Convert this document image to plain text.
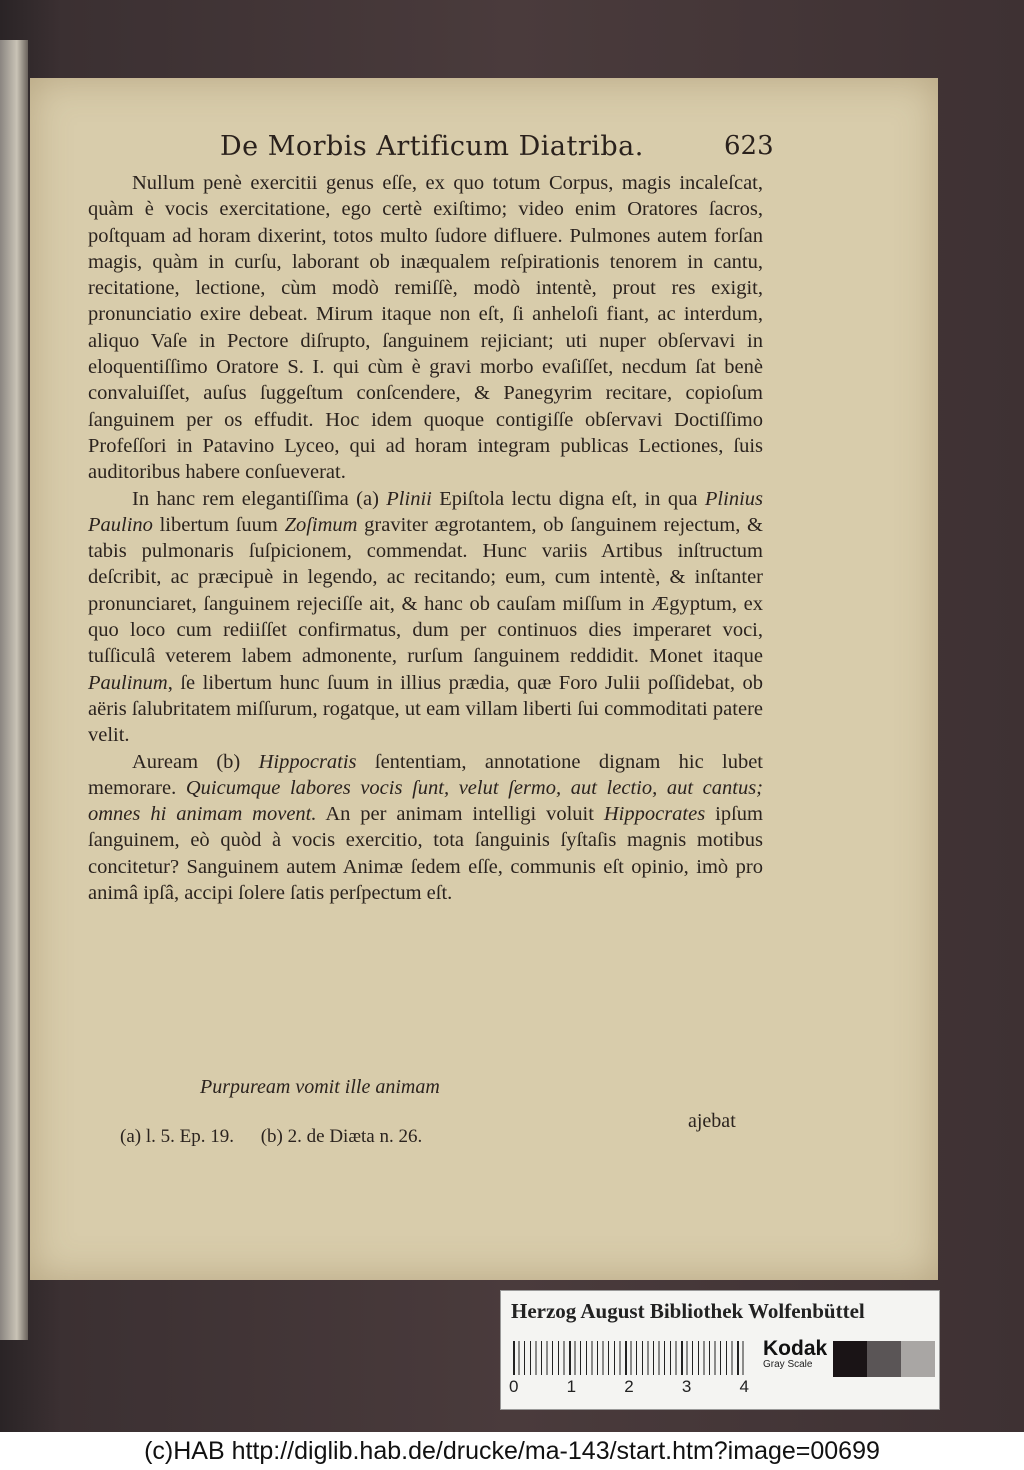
De Morbis Artificum Diatriba.	623

Nullum penè exercitii genus eſſe, ex quo totum Corpus, magis incaleſcat, quàm è vocis exercitatione, ego certè exiſtimo; video enim Oratores ſacros, poſtquam ad horam dixerint, totos multo ſudore difluere. Pulmones autem forſan magis, quàm in curſu, laborant ob inæqualem reſpirationis tenorem in cantu, recitatione, lectione, cùm modò remiſſè, modò intentè, prout res exigit, pronunciatio exire debeat. Mirum itaque non eſt, ſi anheloſi fiant, ac interdum, aliquo Vaſe in Pectore diſrupto, ſanguinem rejiciant; uti nuper obſervavi in eloquentiſſimo Oratore S. I. qui cùm è gravi morbo evaſiſſet, necdum ſat benè convaluiſſet, auſus ſuggeſtum conſcendere, & Panegyrim recitare, copioſum ſanguinem per os effudit. Hoc idem quoque contigiſſe obſervavi Doctiſſimo Profeſſori in Patavino Lyceo, qui ad horam integram publicas Lectiones, ſuis auditoribus habere conſueverat.

In hanc rem elegantiſſima (a) Plinii Epiſtola lectu digna eſt, in qua Plinius Paulino libertum ſuum Zoſimum graviter ægrotantem, ob ſanguinem rejectum, & tabis pulmonaris ſuſpicionem, commendat. Hunc variis Artibus inſtructum deſcribit, ac præcipuè in legendo, ac recitando; eum, cum intentè, & inſtanter pronunciaret, ſanguinem rejeciſſe ait, & hanc ob cauſam miſſum in Ægyptum, ex quo loco cum rediiſſet confirmatus, dum per continuos dies imperaret voci, tuſſiculâ veterem labem admonente, rurſum ſanguinem reddidit. Monet itaque Paulinum, ſe libertum hunc ſuum in illius prædia, quæ Foro Julii poſſidebat, ob aëris ſalubritatem miſſurum, rogatque, ut eam villam liberti ſui commoditati patere velit.

Auream (b) Hippocratis ſententiam, annotatione dignam hic lubet memorare. Quicumque labores vocis ſunt, velut ſermo, aut lectio, aut cantus; omnes hi animam movent. An per animam intelligi voluit Hippocrates ipſum ſanguinem, eò quòd à vocis exercitio, tota ſanguinis ſyſtaſis magnis motibus concitetur? Sanguinem autem Animæ ſedem eſſe, communis eſt opinio, imò pro animâ ipſâ, accipi ſolere ſatis perſpectum eſt.

Purpuream vomit ille animam
ajebat
(a) l. 5. Ep. 19. (b) 2. de Diæta n. 26.
Herzog August Bibliothek Wolfenbüttel
0	1	2	3	4
Kodak
Gray Scale
(c)HAB http://diglib.hab.de/drucke/ma-143/start.htm?image=00699
